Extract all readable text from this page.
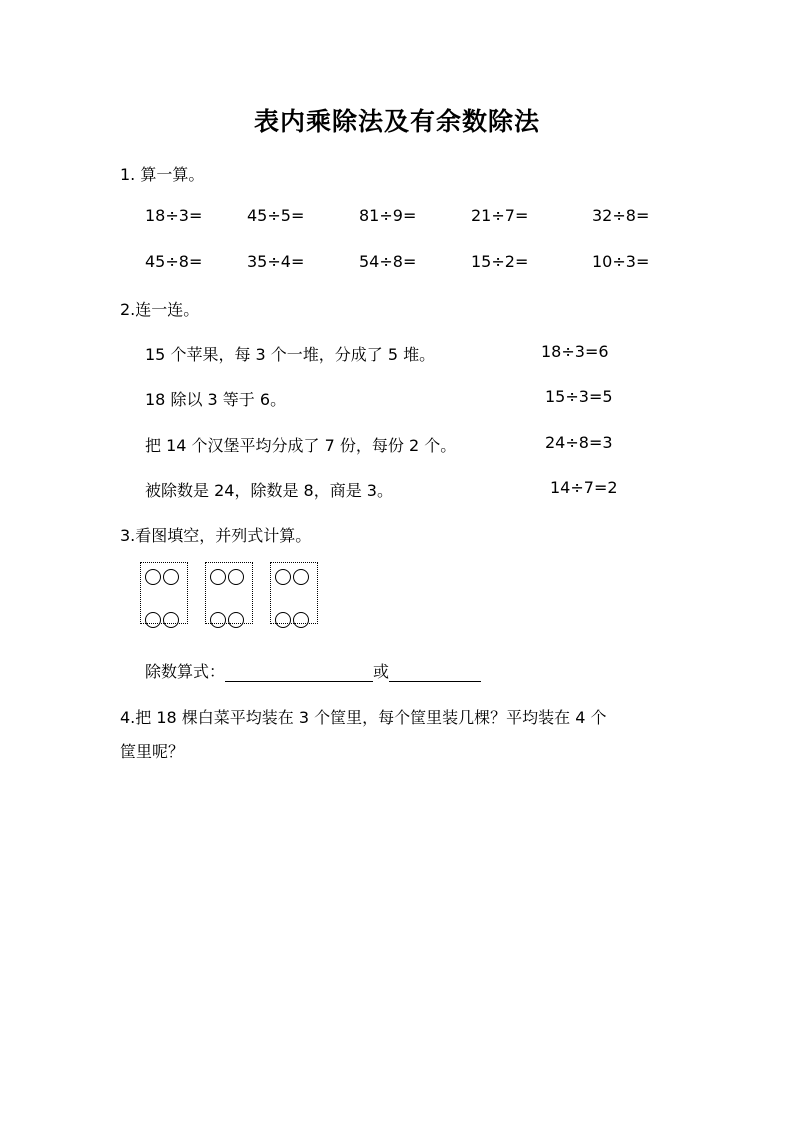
表内乘除法及有余数除法
1. 算一算。
18÷3=	45÷5=	81÷9=	21÷7=	32÷8=
45÷8=	35÷4=	54÷8=	15÷2=	10÷3=
2.连一连。
15 个苹果，每 3 个一堆，分成了 5 堆。	18÷3=6
18 除以 3 等于 6。	15÷3=5
把 14 个汉堡平均分成了 7 份，每份 2 个。	24÷8=3
被除数是 24，除数是 8，商是 3。	14÷7=2
3.看图填空，并列式计算。
除数算式：	或
4.把 18 棵白菜平均装在 3 个筐里，每个筐里装几棵？平均装在 4 个
筐里呢？
